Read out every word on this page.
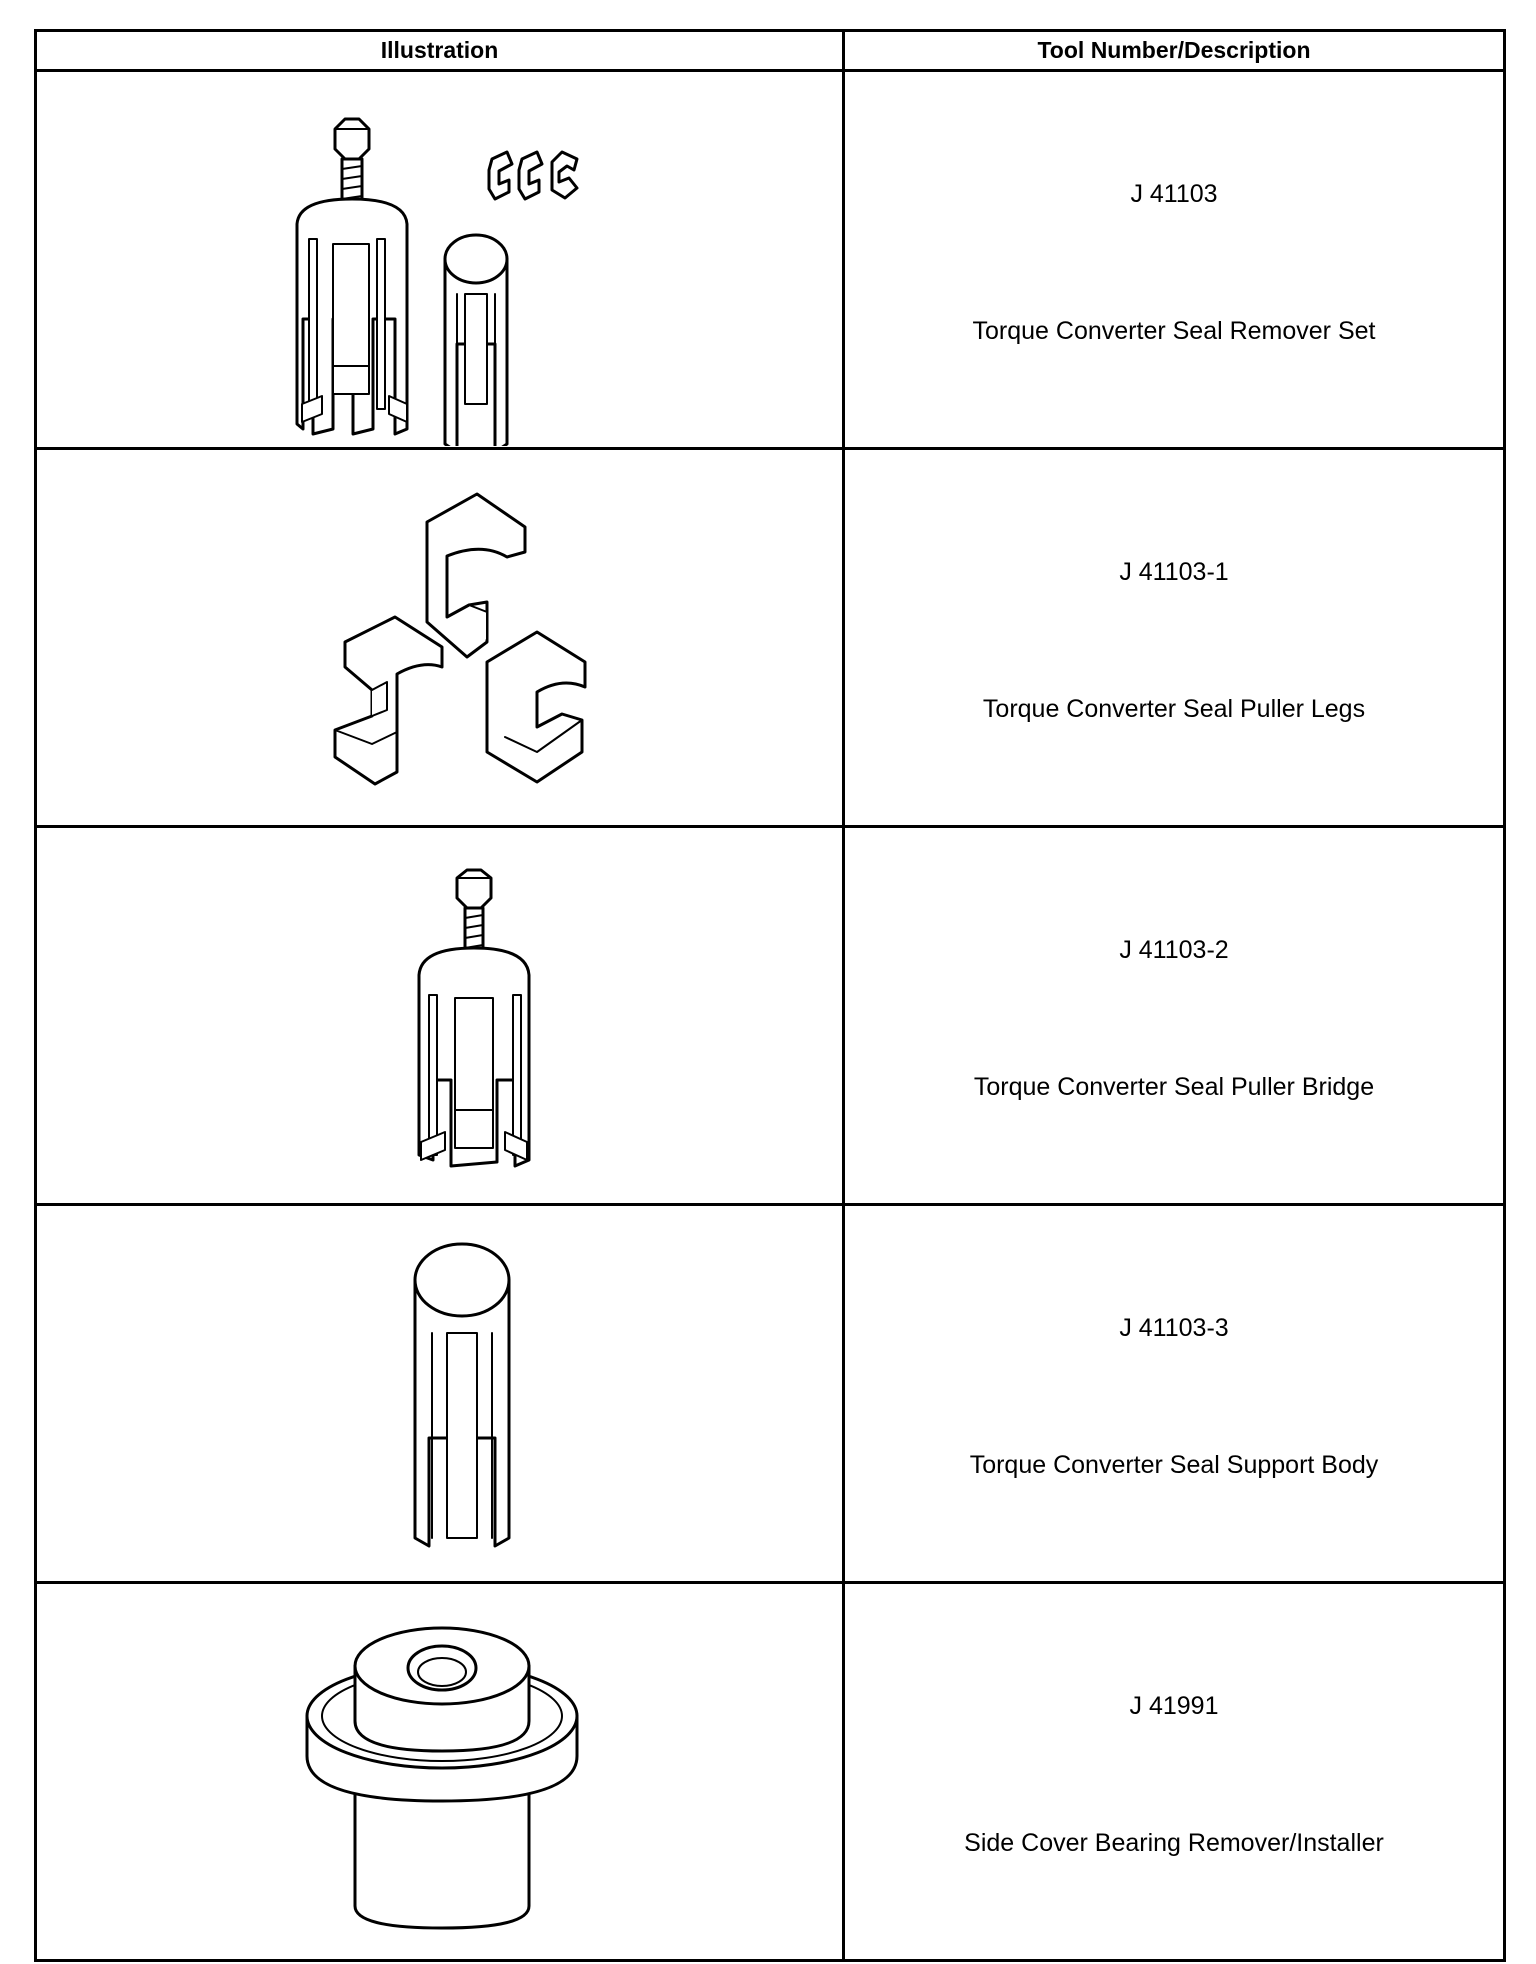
Illustration	Tool Number/Description

J 41103
Torque Converter Seal Remover Set

J 41103-1
Torque Converter Seal Puller Legs

J 41103-2
Torque Converter Seal Puller Bridge

J 41103-3
Torque Converter Seal Support Body

J 41991
Side Cover Bearing Remover/Installer
